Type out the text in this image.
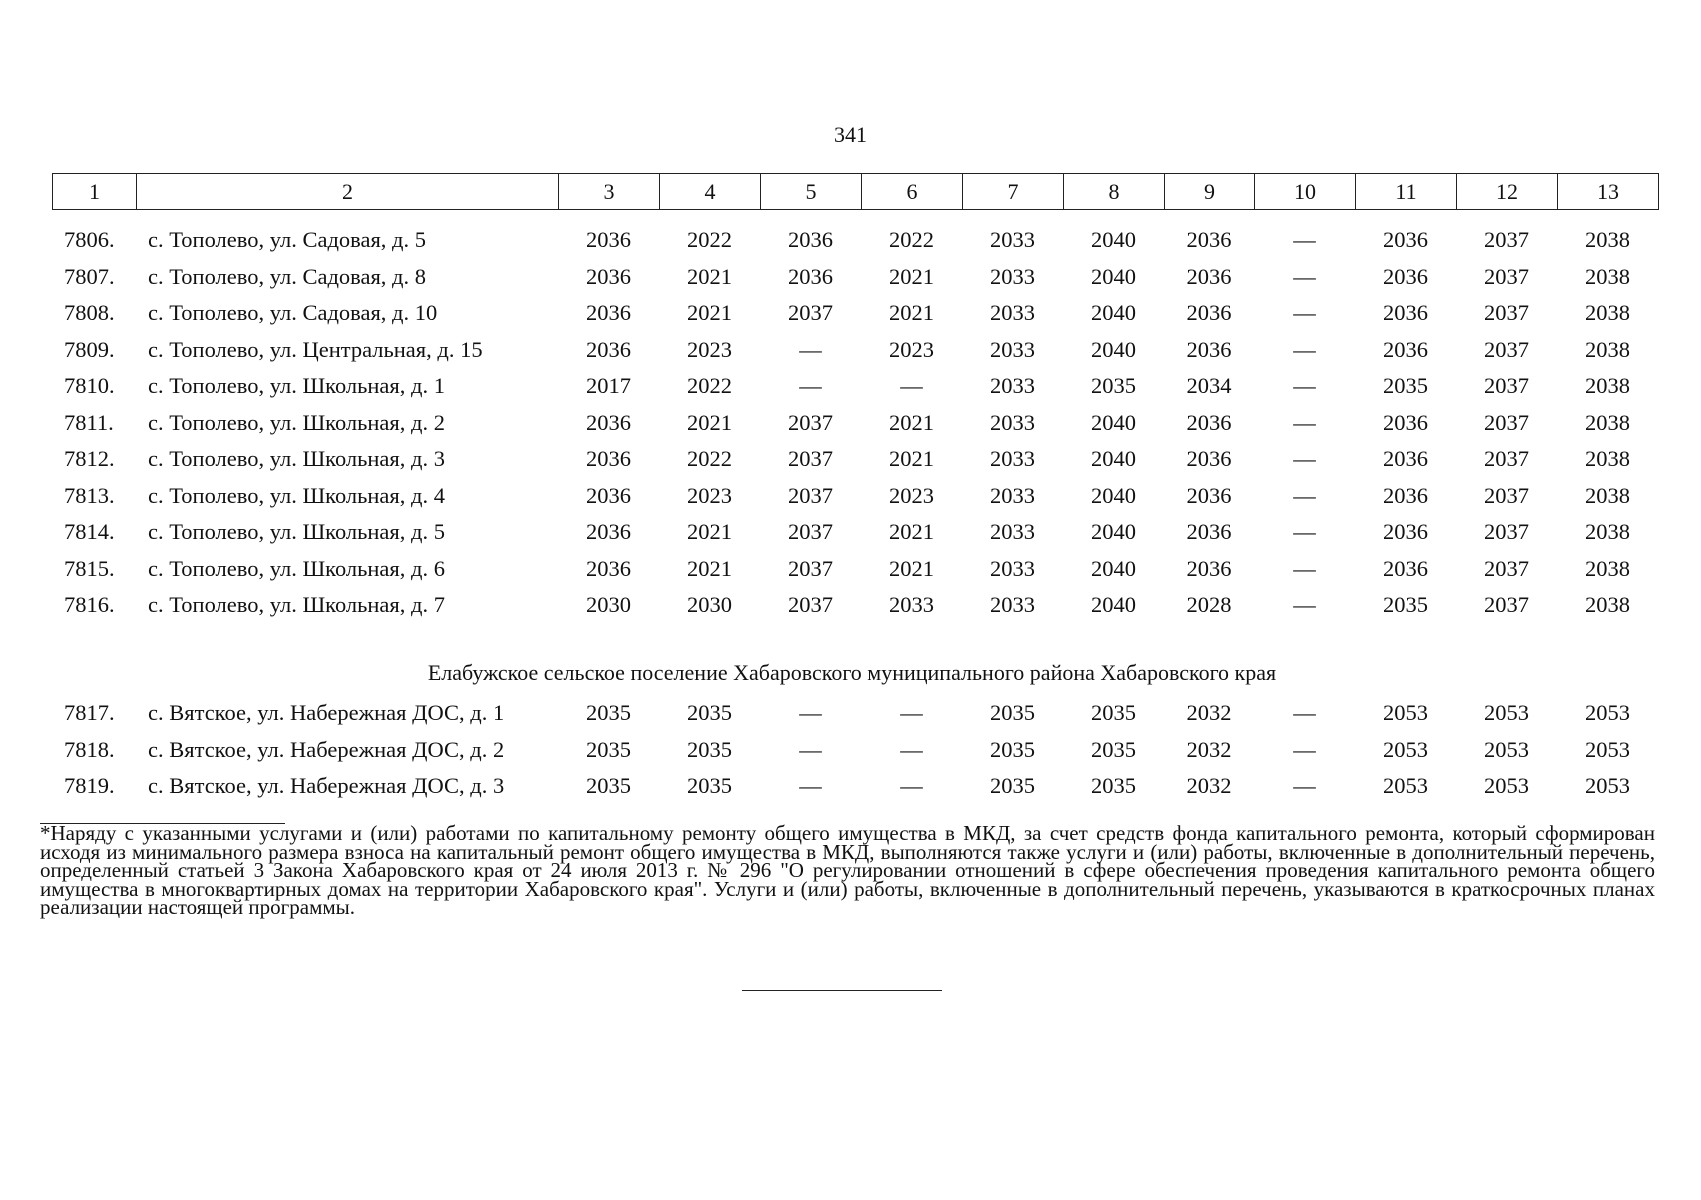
341
1	2	3	4	5	6	7	8	9	10	11	12	13
7806.	с. Тополево, ул. Садовая, д. 5	2036	2022	2036	2022	2033	2040	2036	—	2036	2037	2038
7807.	с. Тополево, ул. Садовая, д. 8	2036	2021	2036	2021	2033	2040	2036	—	2036	2037	2038
7808.	с. Тополево, ул. Садовая, д. 10	2036	2021	2037	2021	2033	2040	2036	—	2036	2037	2038
7809.	с. Тополево, ул. Центральная, д. 15	2036	2023	—	2023	2033	2040	2036	—	2036	2037	2038
7810.	с. Тополево, ул. Школьная, д. 1	2017	2022	—	—	2033	2035	2034	—	2035	2037	2038
7811.	с. Тополево, ул. Школьная, д. 2	2036	2021	2037	2021	2033	2040	2036	—	2036	2037	2038
7812.	с. Тополево, ул. Школьная, д. 3	2036	2022	2037	2021	2033	2040	2036	—	2036	2037	2038
7813.	с. Тополево, ул. Школьная, д. 4	2036	2023	2037	2023	2033	2040	2036	—	2036	2037	2038
7814.	с. Тополево, ул. Школьная, д. 5	2036	2021	2037	2021	2033	2040	2036	—	2036	2037	2038
7815.	с. Тополево, ул. Школьная, д. 6	2036	2021	2037	2021	2033	2040	2036	—	2036	2037	2038
7816.	с. Тополево, ул. Школьная, д. 7	2030	2030	2037	2033	2033	2040	2028	—	2035	2037	2038
Елабужское сельское поселение Хабаровского муниципального района Хабаровского края
7817.	с. Вятское, ул. Набережная ДОС, д. 1	2035	2035	—	—	2035	2035	2032	—	2053	2053	2053
7818.	с. Вятское, ул. Набережная ДОС, д. 2	2035	2035	—	—	2035	2035	2032	—	2053	2053	2053
7819.	с. Вятское, ул. Набережная ДОС, д. 3	2035	2035	—	—	2035	2035	2032	—	2053	2053	2053
*Наряду с указанными услугами и (или) работами по капитальному ремонту общего имущества в МКД, за счет средств фонда капитального ремонта, который сформирован исходя из минимального размера взноса на капитальный ремонт общего имущества в МКД, выполняются также услуги и (или) работы, включенные в дополнительный перечень, определенный статьей 3 Закона Хабаровского края от 24 июля 2013 г. № 296 "О регулировании отношений в сфере обеспечения проведения капитального ремонта общего имущества в многоквартирных домах на территории Хабаровского края". Услуги и (или) работы, включенные в дополнительный перечень, указываются в краткосрочных планах реализации настоящей программы.
